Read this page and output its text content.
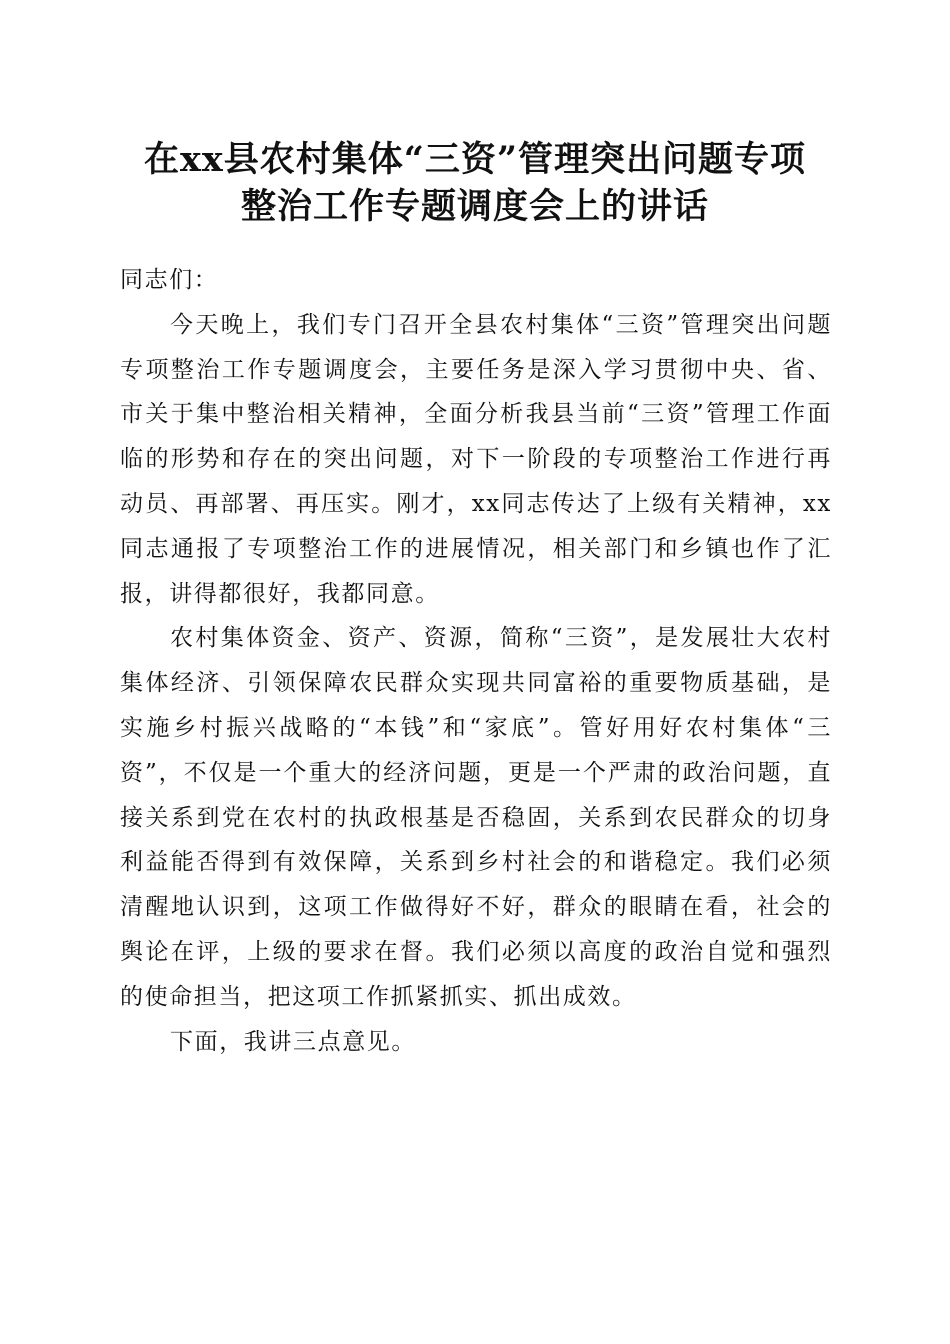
在xx县农村集体“三资”管理突出问题专项
整治工作专题调度会上的讲话

同志们：

今天晚上，我们专门召开全县农村集体“三资”管理突出问题专项整治工作专题调度会，主要任务是深入学习贯彻中央、省、市关于集中整治相关精神，全面分析我县当前“三资”管理工作面临的形势和存在的突出问题，对下一阶段的专项整治工作进行再动员、再部署、再压实。刚才，xx同志传达了上级有关精神，xx同志通报了专项整治工作的进展情况，相关部门和乡镇也作了汇报，讲得都很好，我都同意。

农村集体资金、资产、资源，简称“三资”，是发展壮大农村集体经济、引领保障农民群众实现共同富裕的重要物质基础，是实施乡村振兴战略的“本钱”和“家底”。管好用好农村集体“三资”，不仅是一个重大的经济问题，更是一个严肃的政治问题，直接关系到党在农村的执政根基是否稳固，关系到农民群众的切身利益能否得到有效保障，关系到乡村社会的和谐稳定。我们必须清醒地认识到，这项工作做得好不好，群众的眼睛在看，社会的舆论在评，上级的要求在督。我们必须以高度的政治自觉和强烈的使命担当，把这项工作抓紧抓实、抓出成效。

下面，我讲三点意见。
